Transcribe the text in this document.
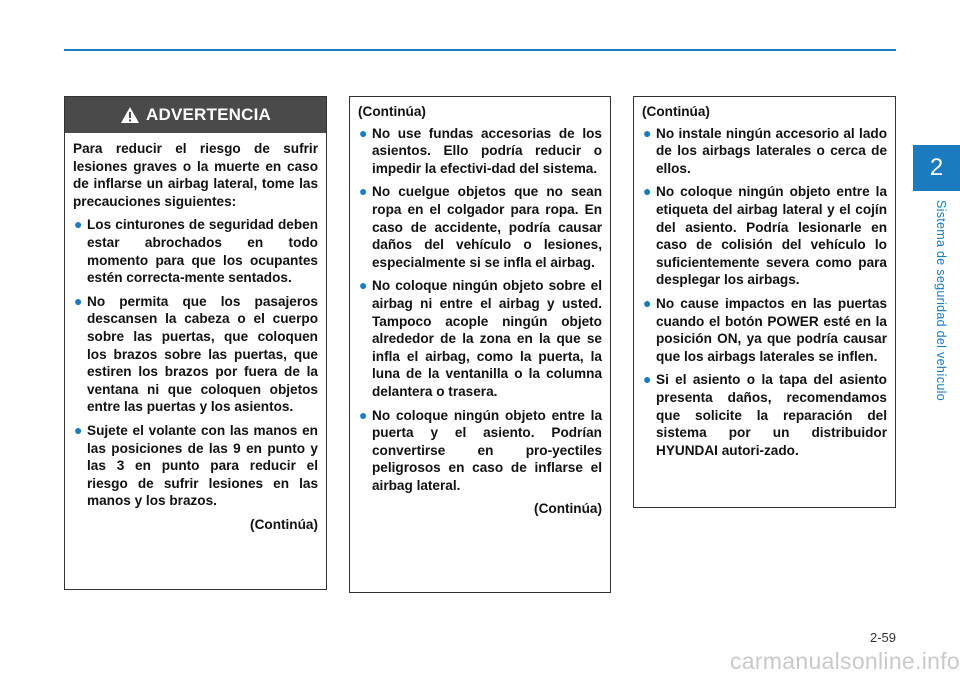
2
Sistema de seguridad del vehículo
ADVERTENCIA

Para reducir el riesgo de sufrir lesiones graves o la muerte en caso de inflarse un airbag lateral, tome las precauciones siguientes:

● Los cinturones de seguridad deben estar abrochados en todo momento para que los ocupantes estén correcta-mente sentados.
● No permita que los pasajeros descansen la cabeza o el cuerpo sobre las puertas, que coloquen los brazos sobre las puertas, que estiren los brazos por fuera de la ventana ni que coloquen objetos entre las puertas y los asientos.
● Sujete el volante con las manos en las posiciones de las 9 en punto y las 3 en punto para reducir el riesgo de sufrir lesiones en las manos y los brazos.

(Continúa)

(Continúa)

● No use fundas accesorias de los asientos. Ello podría reducir o impedir la efectivi-dad del sistema.
● No cuelgue objetos que no sean ropa en el colgador para ropa. En caso de accidente, podría causar daños del vehículo o lesiones, especialmente si se infla el airbag.
● No coloque ningún objeto sobre el airbag ni entre el airbag y usted. Tampoco acople ningún objeto alrededor de la zona en la que se infla el airbag, como la puerta, la luna de la ventanilla o la columna delantera o trasera.
● No coloque ningún objeto entre la puerta y el asiento. Podrían convertirse en pro-yectiles peligrosos en caso de inflarse el airbag lateral.

(Continúa)

(Continúa)

● No instale ningún accesorio al lado de los airbags laterales o cerca de ellos.
● No coloque ningún objeto entre la etiqueta del airbag lateral y el cojín del asiento. Podría lesionarle en caso de colisión del vehículo lo suficientemente severa como para desplegar los airbags.
● No cause impactos en las puertas cuando el botón POWER esté en la posición ON, ya que podría causar que los airbags laterales se inflen.
● Si el asiento o la tapa del asiento presenta daños, recomendamos que solicite la reparación del sistema por un distribuidor HYUNDAI autori-zado.
2-59
carmanualsonline.info
